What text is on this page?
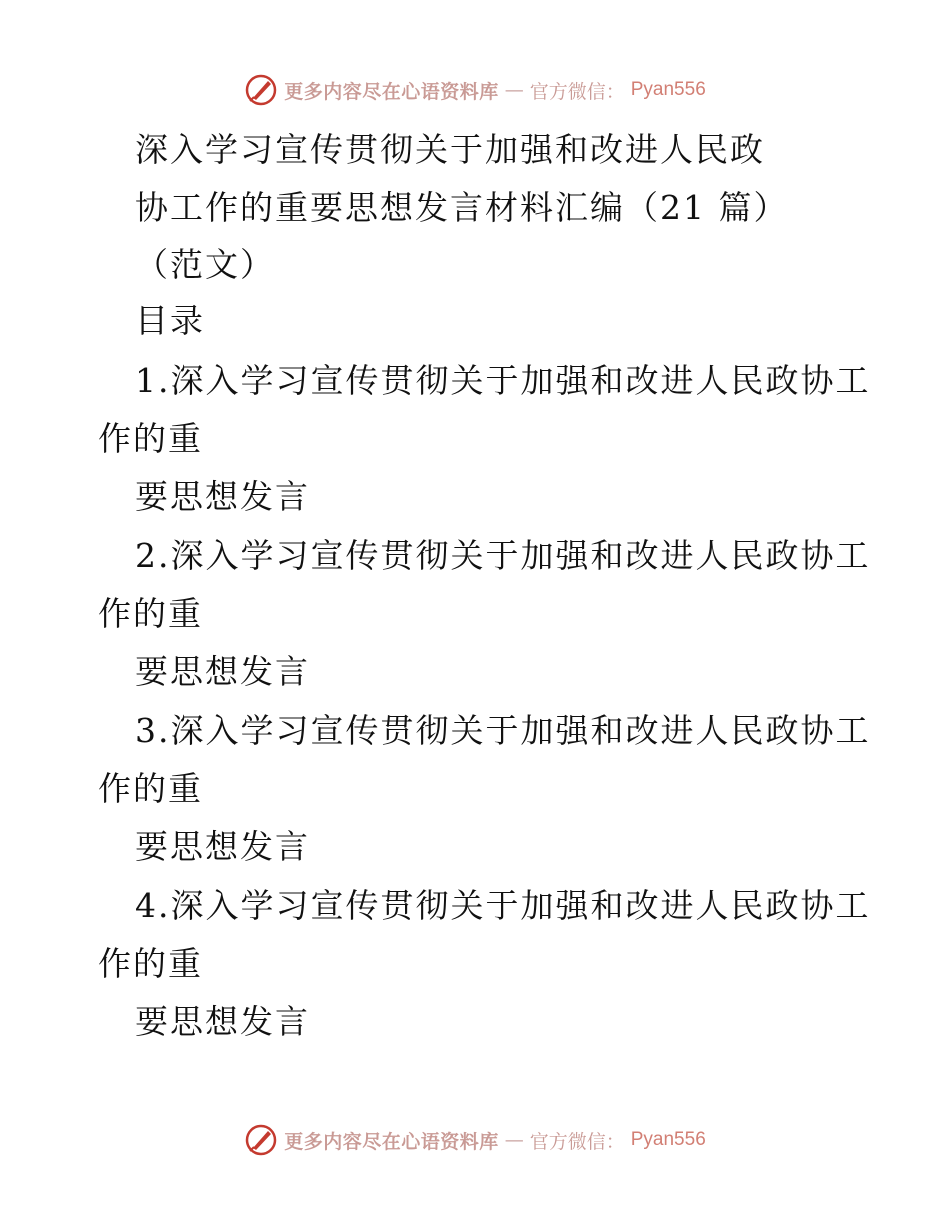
更多内容尽在心语资料库 — 官方微信： Pyan556
深入学习宣传贯彻关于加强和改进人民政
协工作的重要思想发言材料汇编（21 篇）
（范文）
目录
1.深入学习宣传贯彻关于加强和改进人民政协工
作的重
要思想发言
2.深入学习宣传贯彻关于加强和改进人民政协工
作的重
要思想发言
3.深入学习宣传贯彻关于加强和改进人民政协工
作的重
要思想发言
4.深入学习宣传贯彻关于加强和改进人民政协工
作的重
要思想发言
更多内容尽在心语资料库 — 官方微信： Pyan556
